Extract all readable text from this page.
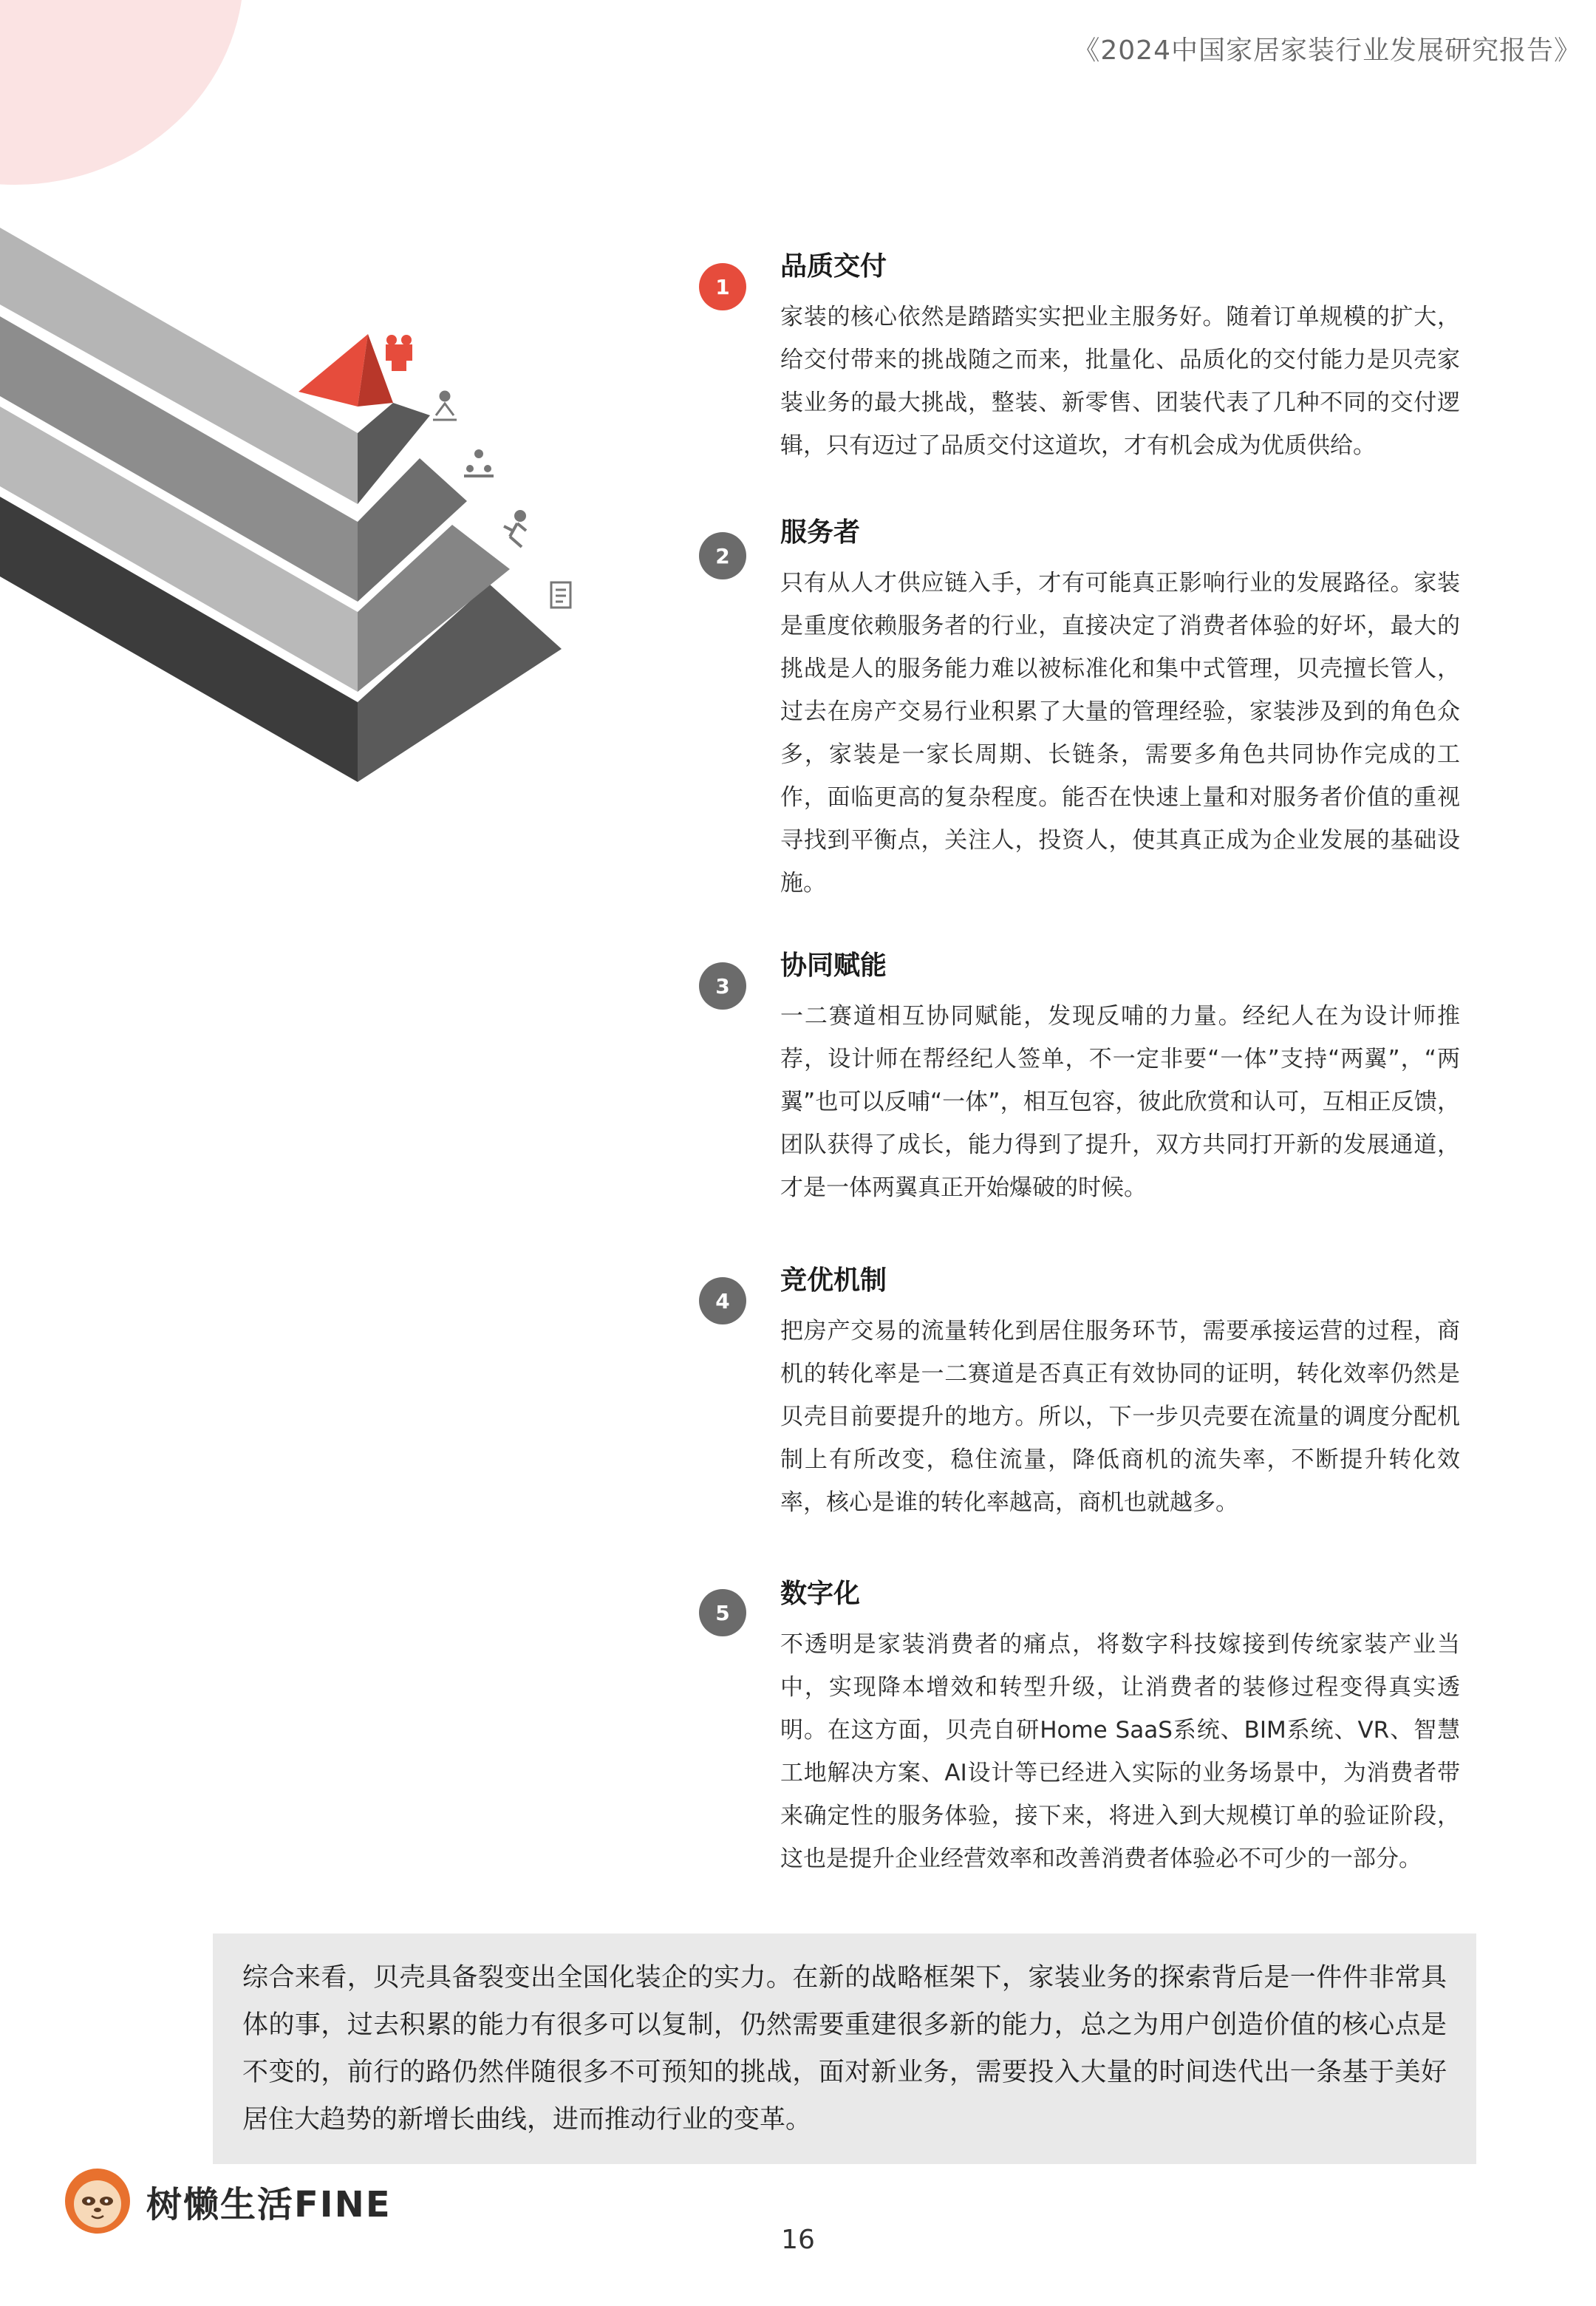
《2024中国家居家装行业发展研究报告》
1
品质交付
家装的核心依然是踏踏实实把业主服务好。随着订单规模的扩大，给交付带来的挑战随之而来，批量化、品质化的交付能力是贝壳家装业务的最大挑战，整装、新零售、团装代表了几种不同的交付逻辑，只有迈过了品质交付这道坎，才有机会成为优质供给。
2
服务者
只有从人才供应链入手，才有可能真正影响行业的发展路径。家装是重度依赖服务者的行业，直接决定了消费者体验的好坏，最大的挑战是人的服务能力难以被标准化和集中式管理，贝壳擅长管人，过去在房产交易行业积累了大量的管理经验，家装涉及到的角色众多，家装是一家长周期、长链条，需要多角色共同协作完成的工作，面临更高的复杂程度。能否在快速上量和对服务者价值的重视寻找到平衡点，关注人，投资人，使其真正成为企业发展的基础设施。
3
协同赋能
一二赛道相互协同赋能，发现反哺的力量。经纪人在为设计师推荐，设计师在帮经纪人签单，不一定非要“一体”支持“两翼”，“两翼”也可以反哺“一体”，相互包容，彼此欣赏和认可，互相正反馈，团队获得了成长，能力得到了提升，双方共同打开新的发展通道，才是一体两翼真正开始爆破的时候。
4
竞优机制
把房产交易的流量转化到居住服务环节，需要承接运营的过程，商机的转化率是一二赛道是否真正有效协同的证明，转化效率仍然是贝壳目前要提升的地方。所以，下一步贝壳要在流量的调度分配机制上有所改变，稳住流量，降低商机的流失率，不断提升转化效率，核心是谁的转化率越高，商机也就越多。
5
数字化
不透明是家装消费者的痛点，将数字科技嫁接到传统家装产业当中，实现降本增效和转型升级，让消费者的装修过程变得真实透明。在这方面，贝壳自研Home SaaS系统、BIM系统、VR、智慧工地解决方案、AI设计等已经进入实际的业务场景中，为消费者带来确定性的服务体验，接下来，将进入到大规模订单的验证阶段，这也是提升企业经营效率和改善消费者体验必不可少的一部分。
综合来看，贝壳具备裂变出全国化装企的实力。在新的战略框架下，家装业务的探索背后是一件件非常具体的事，过去积累的能力有很多可以复制，仍然需要重建很多新的能力，总之为用户创造价值的核心点是不变的，前行的路仍然伴随很多不可预知的挑战，面对新业务，需要投入大量的时间迭代出一条基于美好居住大趋势的新增长曲线，进而推动行业的变革。
树懒生活FINE
16
